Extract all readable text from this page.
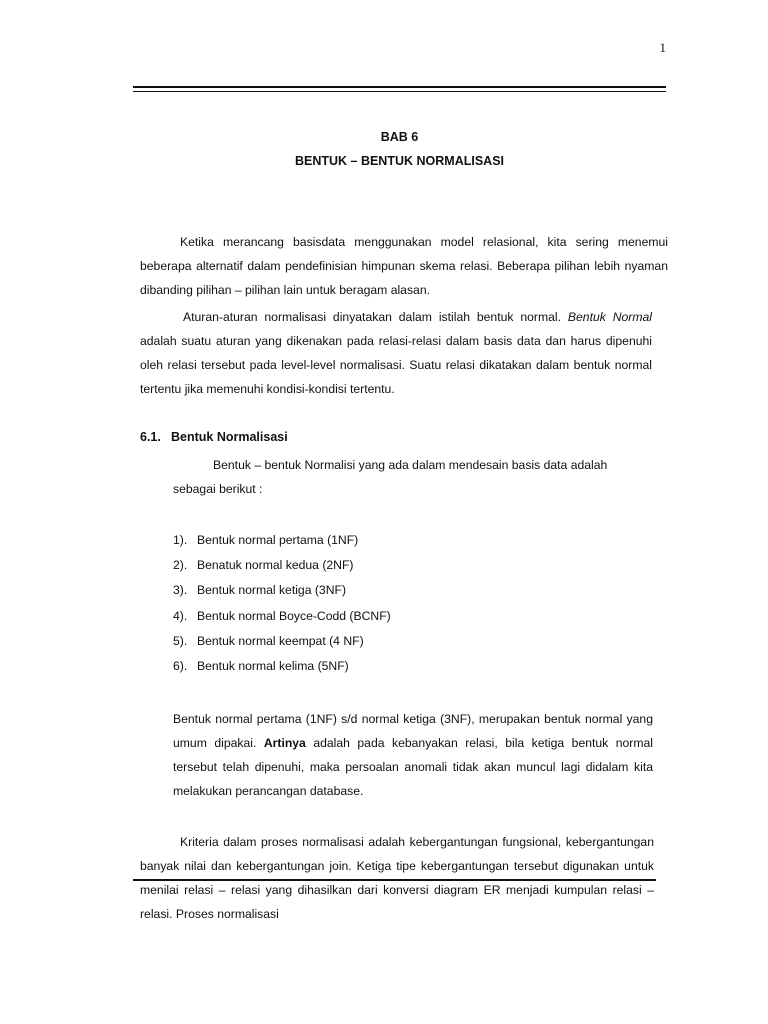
1
BAB 6
BENTUK – BENTUK NORMALISASI

Ketika merancang basisdata menggunakan model relasional, kita sering menemui beberapa alternatif dalam pendefinisian himpunan skema relasi. Beberapa pilihan lebih nyaman dibanding pilihan – pilihan lain untuk beragam alasan.

Aturan-aturan normalisasi dinyatakan dalam istilah bentuk normal. Bentuk Normal adalah suatu aturan yang dikenakan pada relasi-relasi dalam basis data dan harus dipenuhi oleh relasi tersebut pada level-level normalisasi. Suatu relasi dikatakan dalam bentuk normal tertentu jika memenuhi kondisi-kondisi tertentu.

6.1. Bentuk Normalisasi

Bentuk – bentuk Normalisi yang ada dalam mendesain basis data adalah sebagai berikut :

1). Bentuk normal pertama (1NF)
2). Benatuk normal kedua (2NF)
3). Bentuk normal ketiga (3NF)
4). Bentuk normal Boyce-Codd (BCNF)
5). Bentuk normal keempat (4 NF)
6). Bentuk normal kelima (5NF)

Bentuk normal pertama (1NF) s/d normal ketiga (3NF), merupakan bentuk normal yang umum dipakai. Artinya adalah pada kebanyakan relasi, bila ketiga bentuk normal tersebut telah dipenuhi, maka persoalan anomali tidak akan muncul lagi didalam kita melakukan perancangan database.

Kriteria dalam proses normalisasi adalah kebergantungan fungsional, kebergantungan banyak nilai dan kebergantungan join. Ketiga tipe kebergantungan tersebut digunakan untuk menilai relasi – relasi yang dihasilkan dari konversi diagram ER menjadi kumpulan relasi – relasi. Proses normalisasi
